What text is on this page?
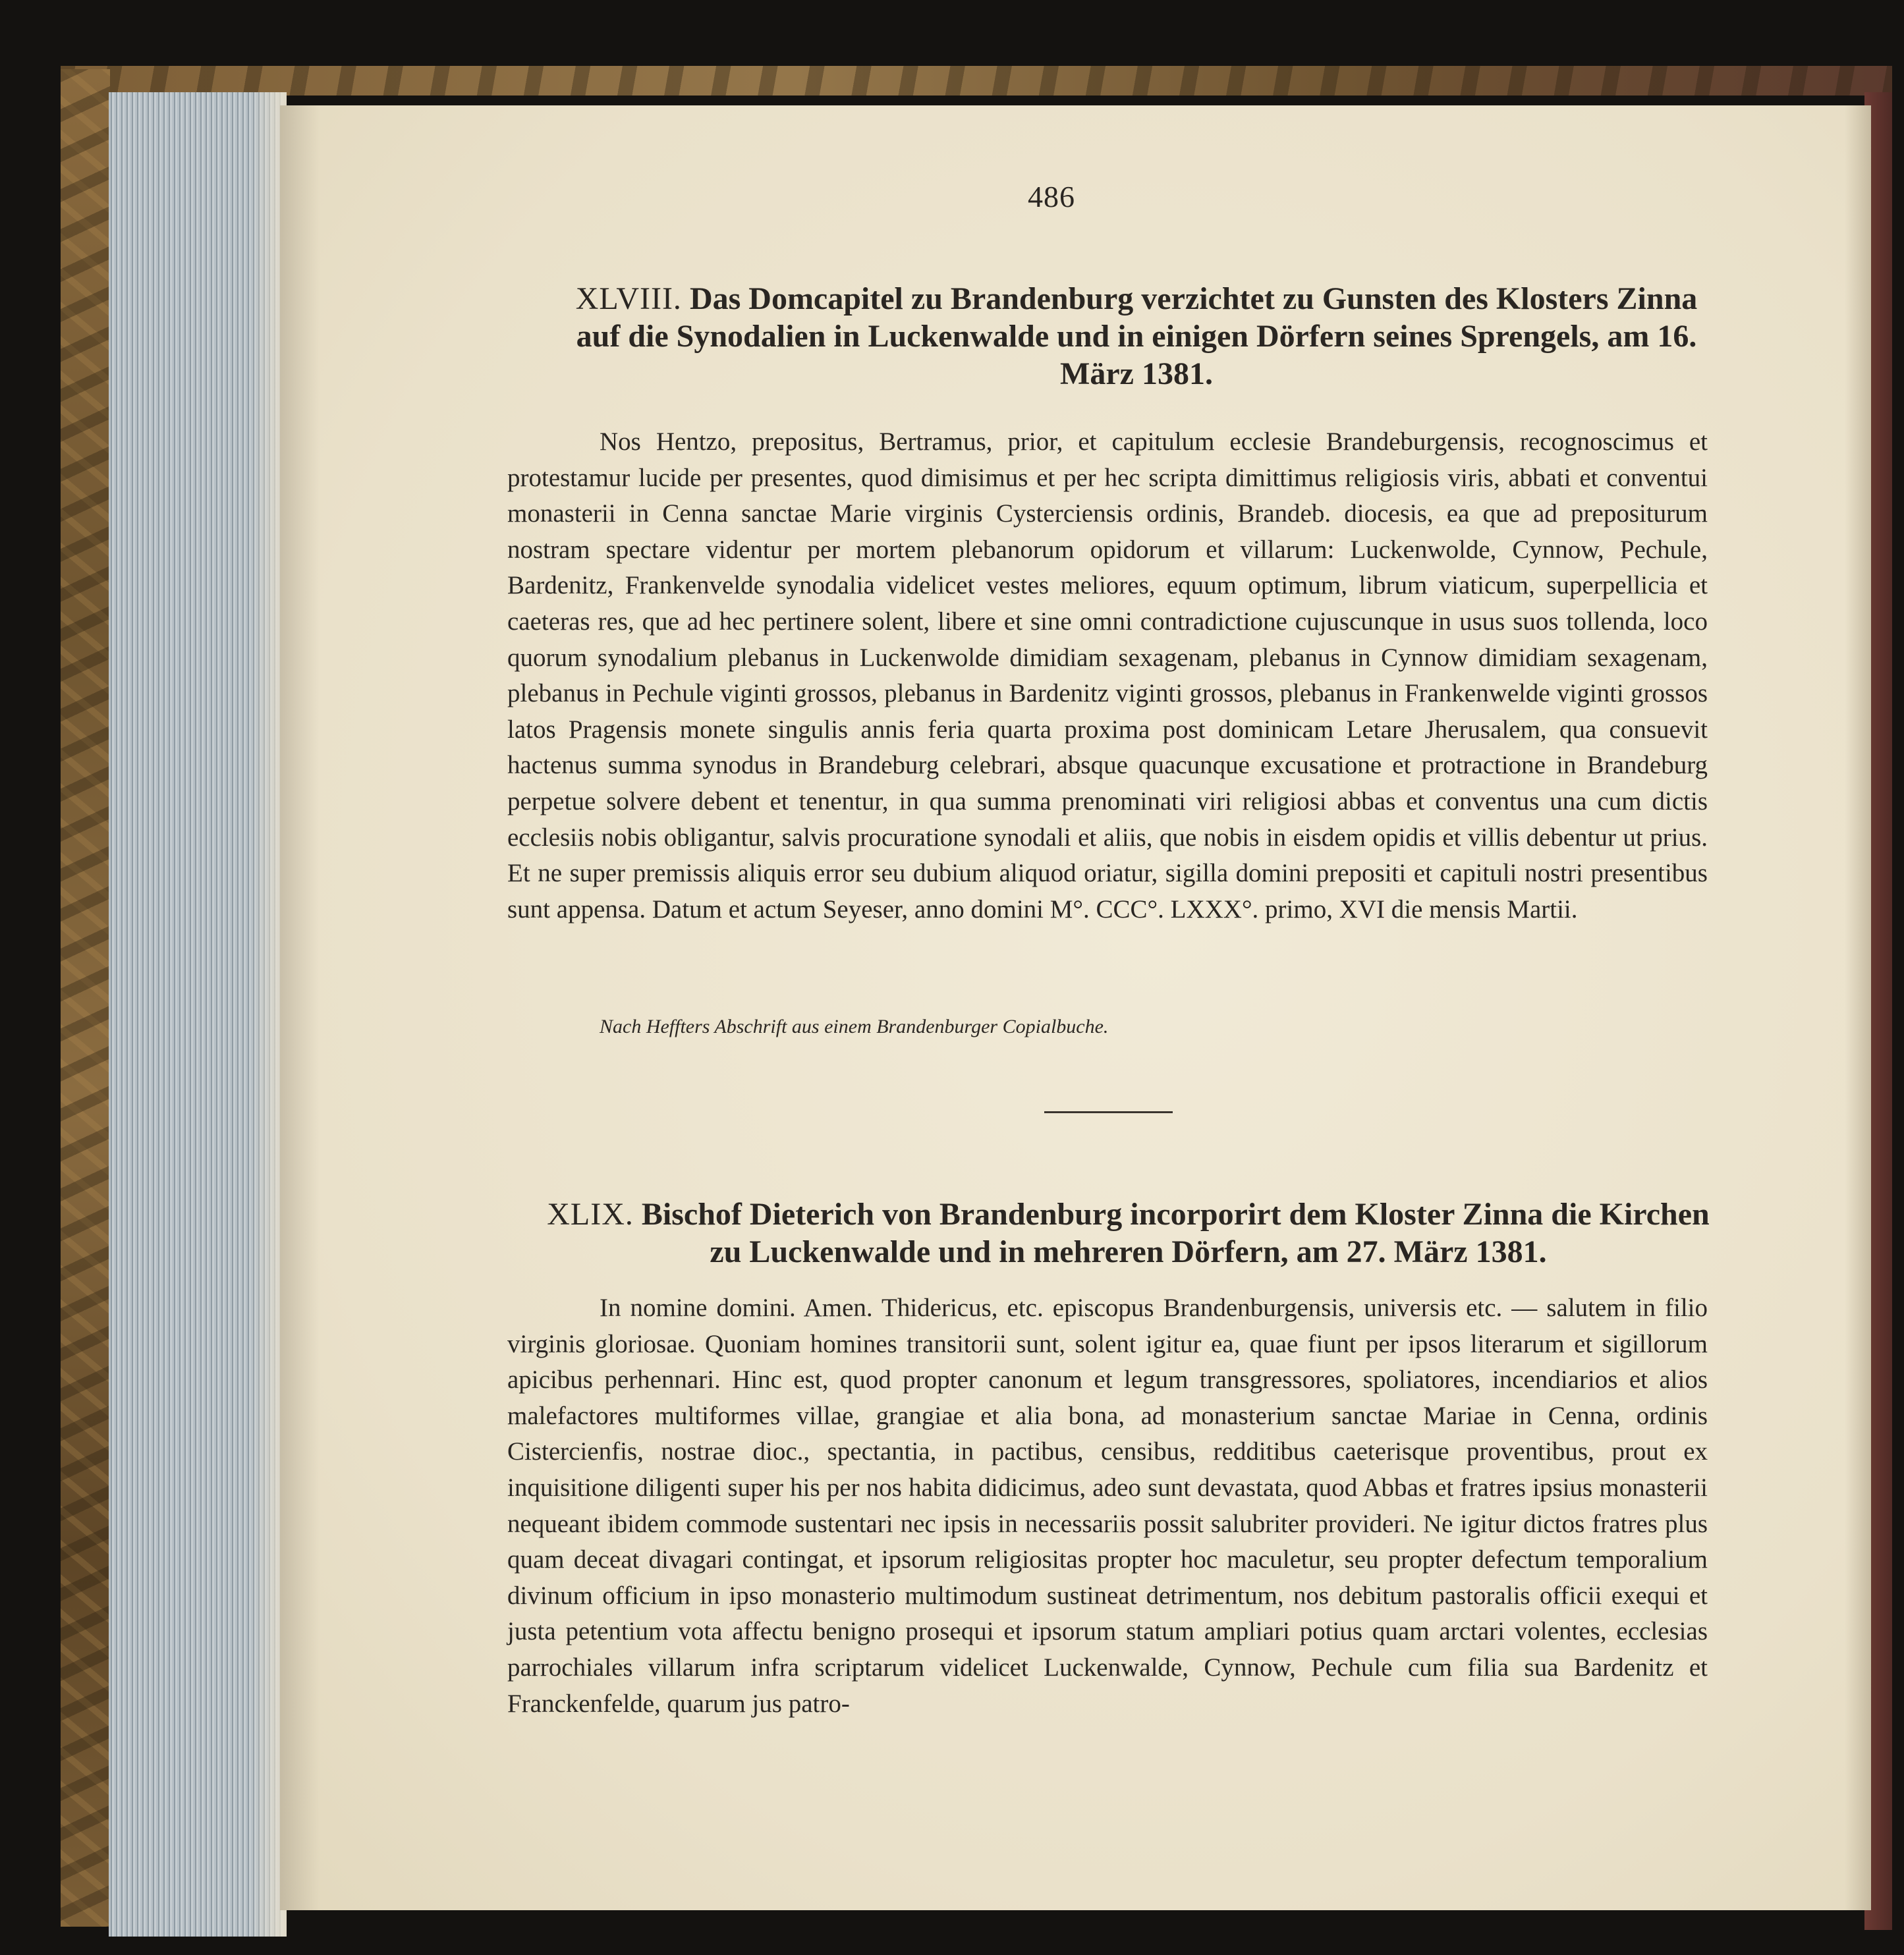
486
XLVIII. Das Domcapitel zu Brandenburg verzichtet zu Gunsten des Klosters Zinna auf die Synodalien in Luckenwalde und in einigen Dörfern seines Sprengels, am 16. März 1381.
Nos Hentzo, prepositus, Bertramus, prior, et capitulum ecclesie Brandeburgensis, recognoscimus et protestamur lucide per presentes, quod dimisimus et per hec scripta dimittimus religiosis viris, abbati et conventui monasterii in Cenna sanctae Marie virginis Cysterciensis ordinis, Brandeb. diocesis, ea que ad prepositurum nostram spectare videntur per mortem plebanorum opidorum et villarum: Luckenwolde, Cynnow, Pechule, Bardenitz, Frankenvelde synodalia videlicet vestes meliores, equum optimum, librum viaticum, superpellicia et caeteras res, que ad hec pertinere solent, libere et sine omni contradictione cujuscunque in usus suos tollenda, loco quorum synodalium plebanus in Luckenwolde dimidiam sexagenam, plebanus in Cynnow dimidiam sexagenam, plebanus in Pechule viginti grossos, plebanus in Bardenitz viginti grossos, plebanus in Frankenwelde viginti grossos latos Pragensis monete singulis annis feria quarta proxima post dominicam Letare Jherusalem, qua consuevit hactenus summa synodus in Brandeburg celebrari, absque quacunque excusatione et protractione in Brandeburg perpetue solvere debent et tenentur, in qua summa prenominati viri religiosi abbas et conventus una cum dictis ecclesiis nobis obligantur, salvis procuratione synodali et aliis, que nobis in eisdem opidis et villis debentur ut prius. Et ne super premissis aliquis error seu dubium aliquod oriatur, sigilla domini prepositi et capituli nostri presentibus sunt appensa. Datum et actum Seyeser, anno domini M°. CCC°. LXXX°. primo, XVI die mensis Martii.
Nach Heffters Abschrift aus einem Brandenburger Copialbuche.
XLIX. Bischof Dieterich von Brandenburg incorporirt dem Kloster Zinna die Kirchen zu Luckenwalde und in mehreren Dörfern, am 27. März 1381.
In nomine domini. Amen. Thidericus, etc. episcopus Brandenburgensis, universis etc. — salutem in filio virginis gloriosae. Quoniam homines transitorii sunt, solent igitur ea, quae fiunt per ipsos literarum et sigillorum apicibus perhennari. Hinc est, quod propter canonum et legum transgressores, spoliatores, incendiarios et alios malefactores multiformes villae, grangiae et alia bona, ad monasterium sanctae Mariae in Cenna, ordinis Cistercienfis, nostrae dioc., spectantia, in pactibus, censibus, redditibus caeterisque proventibus, prout ex inquisitione diligenti super his per nos habita didicimus, adeo sunt devastata, quod Abbas et fratres ipsius monasterii nequeant ibidem commode sustentari nec ipsis in necessariis possit salubriter provideri. Ne igitur dictos fratres plus quam deceat divagari contingat, et ipsorum religiositas propter hoc maculetur, seu propter defectum temporalium divinum officium in ipso monasterio multimodum sustineat detrimentum, nos debitum pastoralis officii exequi et justa petentium vota affectu benigno prosequi et ipsorum statum ampliari potius quam arctari volentes, ecclesias parrochiales villarum infra scriptarum videlicet Luckenwalde, Cynnow, Pechule cum filia sua Bardenitz et Franckenfelde, quarum jus patro-
